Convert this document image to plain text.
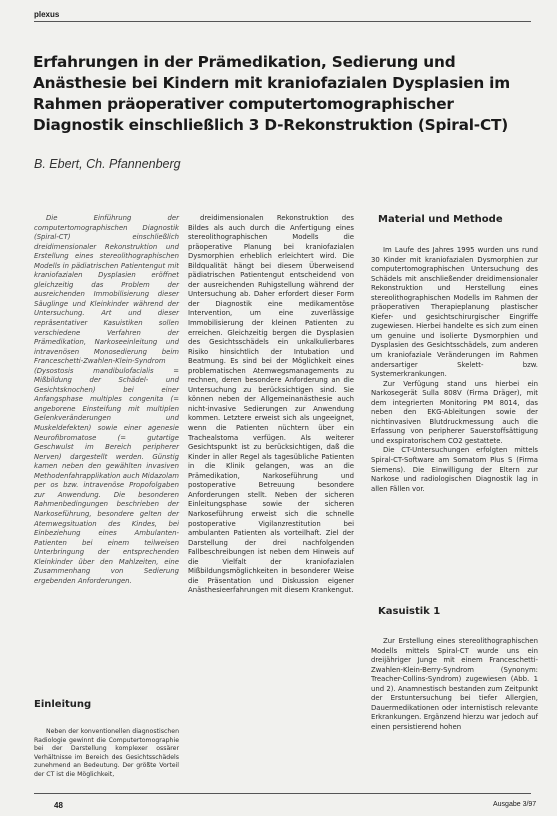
plexus
Erfahrungen in der Prämedikation, Sedierung und Anästhesie bei Kindern mit kraniofazialen Dysplasien im Rahmen präoperativer computertomographischer Diagnostik einschließlich 3 D-Rekonstruktion (Spiral-CT)
B. Ebert, Ch. Pfannenberg

Die Einführung der computertomographischen Diagnostik (Spiral-CT) einschließlich dreidimensionaler Rekonstruktion und Erstellung eines stereolithographischen Modells in pädiatrischen Patientengut mit kraniofazialen Dysplasien eröffnet gleichzeitig das Problem der ausreichenden Immobilisierung dieser Säuglinge und Kleinkinder während der Untersuchung. Art und dieser repräsentativer Kasuistiken sollen verschiedene Verfahren der Prämedikation, Narkoseeinleitung und intravenösen Monosedierung beim Franceschetti-Zwahlen-Klein-Syndrom (Dysostosis mandibulofacialis = Mißbildung der Schädel- und Gesichtsknochen) bei einer Anfangsphase multiples congenita (= angeborene Einsteifung mit multiplen Gelenkveränderungen und Muskeldefekten) sowie einer agenesie Neurofibromatose (= gutartige Geschwulst im Bereich peripherer Nerven) dargestellt werden. Günstig kamen neben den gewählten invasiven Methodenfahrapplikation auch Midazolam per os bzw. intravenöse Propofolgaben zur Anwendung. Die besonderen Rahmenbedingungen beschrieben der Narkoseführung, besondere gelten der Atemwegsituation des Kindes, bei Einbeziehung eines Ambulanten-Patienten bei einem teilweisen Unterbringung der entsprechenden Kleinkinder über den Mahlzeiten, eine Zusammenhang von Sedierung ergebenden Anforderungen.

Einleitung

Neben der konventionellen diagnostischen Radiologie gewinnt die Computertomographie bei der Darstellung komplexer ossärer Verhältnisse im Bereich des Gesichtsschädels zunehmend an Bedeutung. Der größte Vorteil der CT ist die Möglichkeit,

dreidimensionalen Rekonstruktion des Bildes als auch durch die Anfertigung eines stereolithographischen Modells die präoperative Planung bei kraniofazialen Dysmorphien erheblich erleichtert wird. Die Bildqualität hängt bei diesem Überweisend pädiatrischen Patientengut entscheidend von der ausreichenden Ruhigstellung während der Untersuchung ab. Daher erfordert dieser Form der Diagnostik eine medikamentöse Intervention, um eine zuverlässige Immobilisierung der kleinen Patienten zu erreichen. Gleichzeitig bergen die Dysplasien des Gesichtsschädels ein unkalkulierbares Risiko hinsichtlich der Intubation und Beatmung. Es sind bei der Möglichkeit eines problematischen Atemwegsmanagements zu rechnen, deren besondere Anforderung an die Untersuchung zu berücksichtigen sind. Sie können neben der Allgemeinanästhesie auch nicht-invasive Sedierungen zur Anwendung kommen. Letztere erweist sich als ungeeignet, wenn die Patienten nüchtern über ein Trachealstoma verfügen. Als weiterer Gesichtspunkt ist zu berücksichtigen, daß die Kinder in aller Regel als tagesübliche Patienten in die Klinik gelangen, was an die Prämedikation, Narkoseführung und postoperative Betreuung besondere Anforderungen stellt. Neben der sicheren Einleitungsphase sowie der sicheren Narkoseführung erweist sich die schnelle postoperative Vigilanzrestitution bei ambulanten Patienten als vorteilhaft. Ziel der Darstellung der drei nachfolgenden Fallbeschreibungen ist neben dem Hinweis auf die Vielfalt der kraniofazialen Mißbildungsmöglichkeiten in besonderer Weise die Präsentation und Diskussion eigener Anästhesieerfahrungen mit diesem Krankengut.

Material und Methode

Im Laufe des Jahres 1995 wurden uns rund 30 Kinder mit kraniofazialen Dysmorphien zur computertomographischen Untersuchung des Schädels mit anschließender dreidimensionaler Rekonstruktion und Herstellung eines stereolithographischen Modells im Rahmen der präoperativen Therapieplanung plastischer Kiefer- und gesichtschirurgischer Eingriffe zugewiesen. Hierbei handelte es sich zum einen um genuine und isolierte Dysmorphien und Dysplasien des Gesichtsschädels, zum anderen um kraniofaziale Veränderungen im Rahmen andersartiger Skelett- bzw. Systemerkrankungen.

Zur Verfügung stand uns hierbei ein Narkosegerät Sulla 808V (Firma Dräger), mit dem integrierten Monitoring PM 8014, das neben den EKG-Ableitungen sowie der nichtinvasiven Blutdruckmessung auch die Erfassung von peripherer Sauerstoffsättigung und exspiratorischem CO2 gestattete.

Die CT-Untersuchungen erfolgten mittels Spiral-CT-Software am Somatom Plus S (Firma Siemens). Die Einwilligung der Eltern zur Narkose und radiologischen Diagnostik lag in allen Fällen vor.

Kasuistik 1

Zur Erstellung eines stereolithographischen Modells mittels Spiral-CT wurde uns ein dreijähriger Junge mit einem Franceschetti-Zwahlen-Klein-Berry-Syndrom (Synonym: Treacher-Collins-Syndrom) zugewiesen (Abb. 1 und 2). Anamnestisch bestanden zum Zeitpunkt der Erstuntersuchung bei tiefer Allergien, Dauermedikationen oder internistisch relevante Erkrankungen. Ergänzend hierzu war jedoch auf einen persistierend hohen

48	Ausgabe 3/97
